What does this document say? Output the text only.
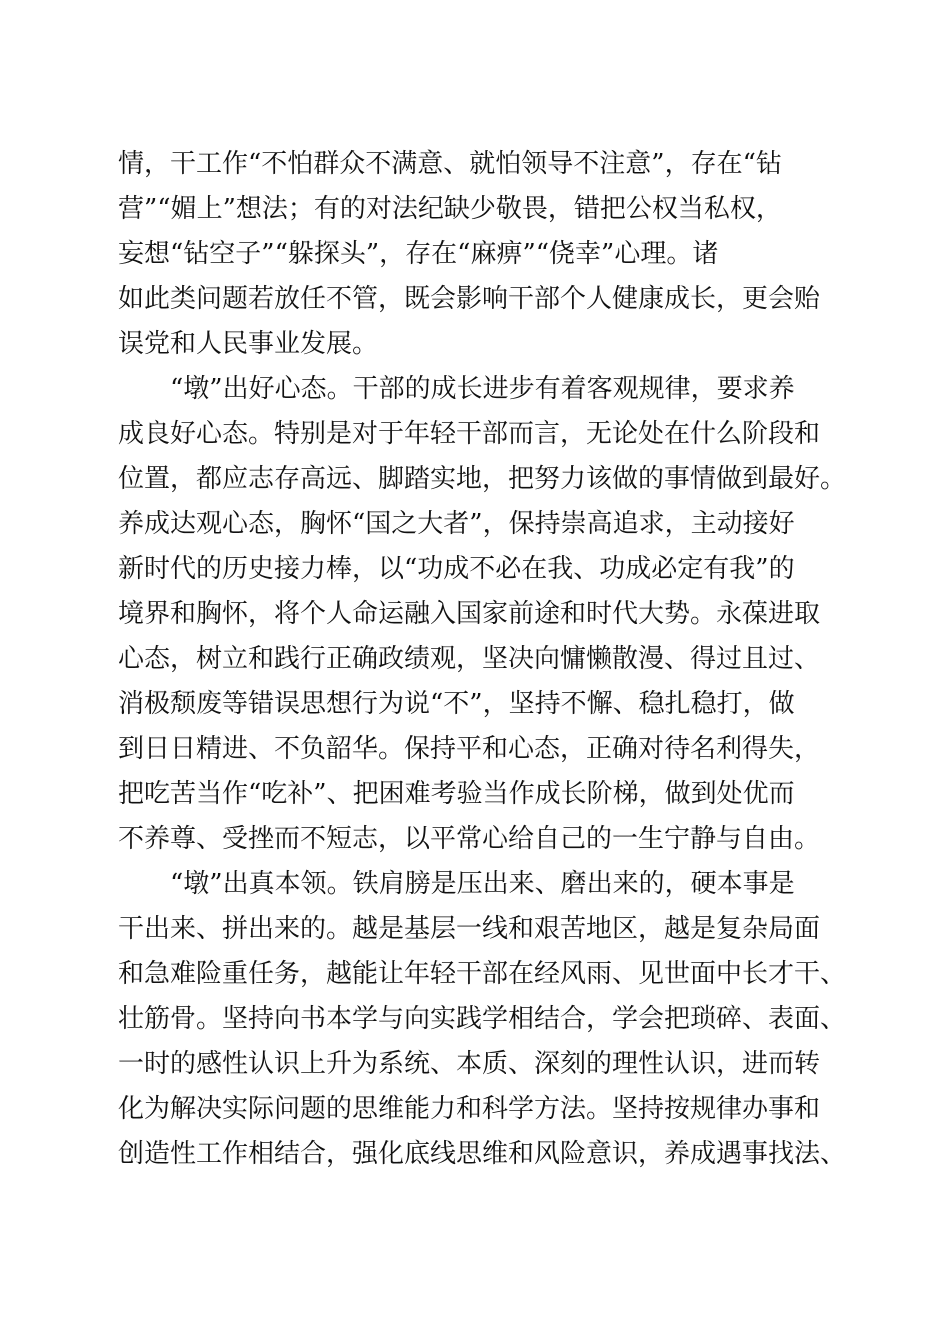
情，干工作“不怕群众不满意、就怕领导不注意”，存在“钻
营”“媚上”想法；有的对法纪缺少敬畏，错把公权当私权，
妄想“钻空子”“躲探头”，存在“麻痹”“侥幸”心理。诸
如此类问题若放任不管，既会影响干部个人健康成长，更会贻
误党和人民事业发展。
“墩”出好心态。干部的成长进步有着客观规律，要求养
成良好心态。特别是对于年轻干部而言，无论处在什么阶段和
位置，都应志存高远、脚踏实地，把努力该做的事情做到最好。
养成达观心态，胸怀“国之大者”，保持崇高追求，主动接好
新时代的历史接力棒，以“功成不必在我、功成必定有我”的
境界和胸怀，将个人命运融入国家前途和时代大势。永葆进取
心态，树立和践行正确政绩观，坚决向慵懒散漫、得过且过、
消极颓废等错误思想行为说“不”，坚持不懈、稳扎稳打，做
到日日精进、不负韶华。保持平和心态，正确对待名利得失，
把吃苦当作“吃补”、把困难考验当作成长阶梯，做到处优而
不养尊、受挫而不短志，以平常心给自己的一生宁静与自由。
“墩”出真本领。铁肩膀是压出来、磨出来的，硬本事是
干出来、拼出来的。越是基层一线和艰苦地区，越是复杂局面
和急难险重任务，越能让年轻干部在经风雨、见世面中长才干、
壮筋骨。坚持向书本学与向实践学相结合，学会把琐碎、表面、
一时的感性认识上升为系统、本质、深刻的理性认识，进而转
化为解决实际问题的思维能力和科学方法。坚持按规律办事和
创造性工作相结合，强化底线思维和风险意识，养成遇事找法、
